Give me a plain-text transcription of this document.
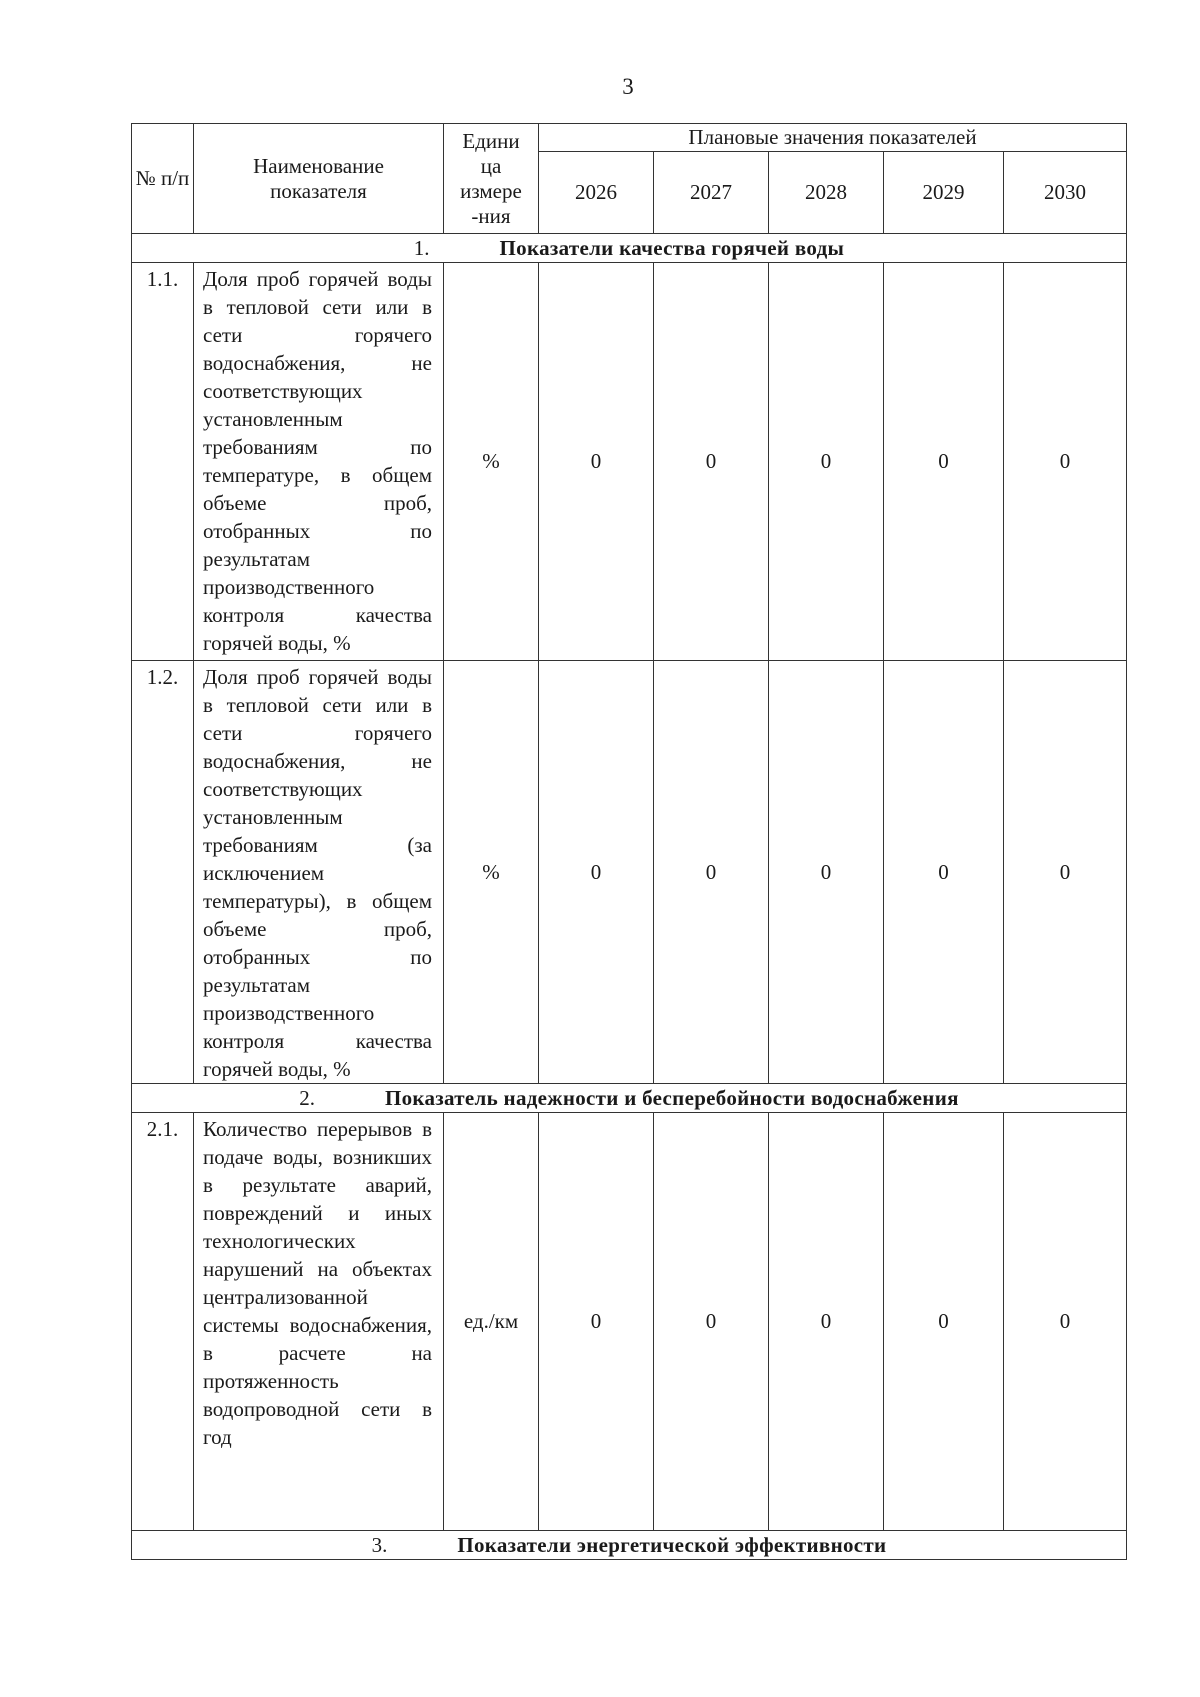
3
№ п/п	Наименование показателя	Едини ца измере -ния	Плановые значения показателей				
			2026	2027	2028	2029	2030
1. Показатели качества горячей воды							
1.1.	Доля проб горячей воды в тепловой сети или в сети горячего водоснабжения, не соответствующих установленным требованиям по температуре, в общем объеме проб, отобранных по результатам производственного контроля качества горячей воды, %	%	0	0	0	0	0
1.2.	Доля проб горячей воды в тепловой сети или в сети горячего водоснабжения, не соответствующих установленным требованиям (за исключением температуры), в общем объеме проб, отобранных по результатам производственного контроля качества горячей воды, %	%	0	0	0	0	0
2. Показатель надежности и бесперебойности водоснабжения							
2.1.	Количество перерывов в подаче воды, возникших в результате аварий, повреждений и иных технологических нарушений на объектах централизованной системы водоснабжения, в расчете на протяженность водопроводной сети в год	ед./км	0	0	0	0	0
3. Показатели энергетической эффективности							
